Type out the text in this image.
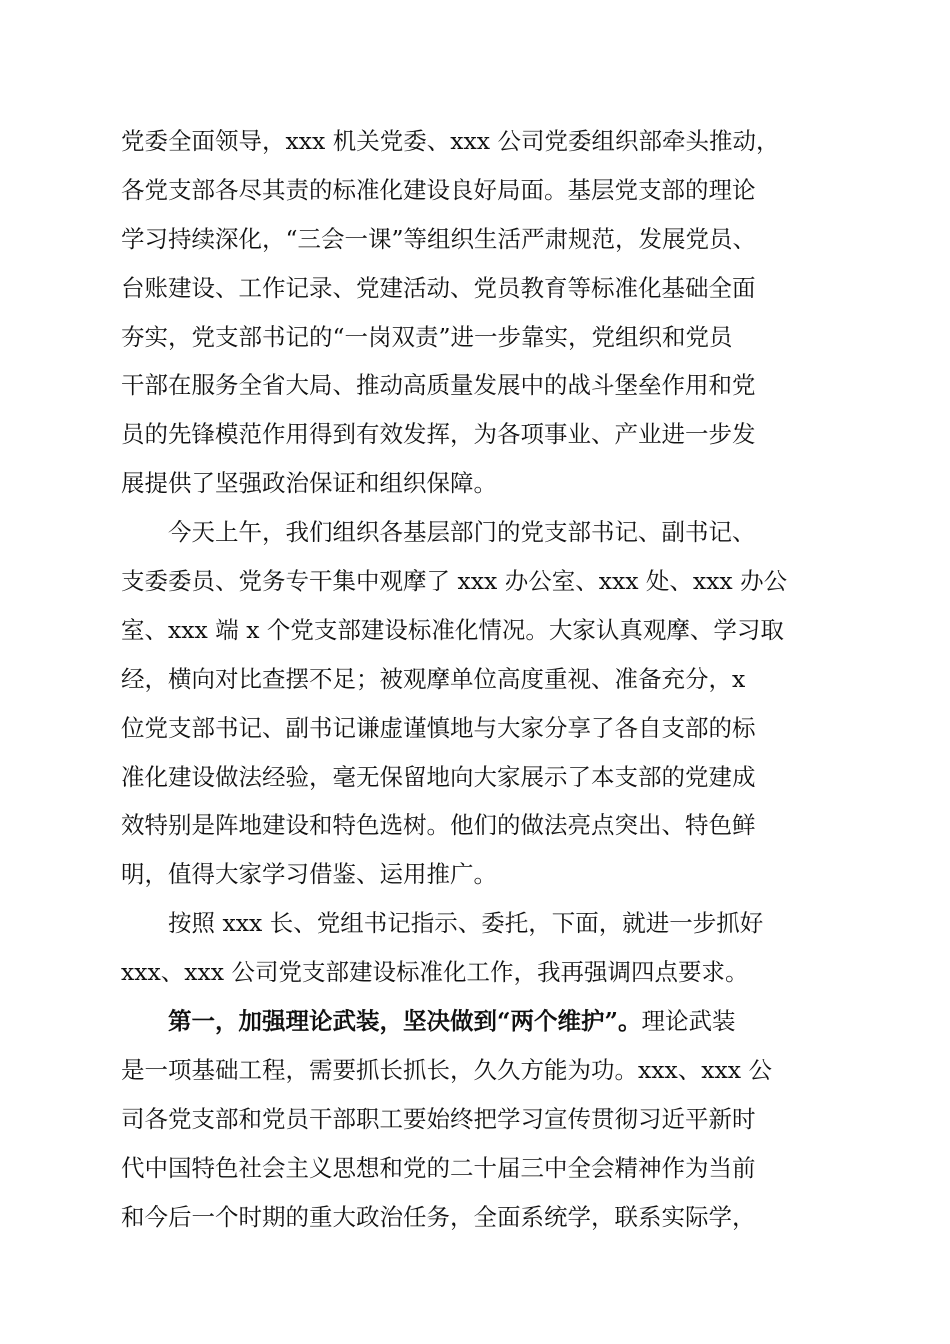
党委全面领导，xxx 机关党委、xxx 公司党委组织部牵头推动，
各党支部各尽其责的标准化建设良好局面。基层党支部的理论
学习持续深化，“三会一课”等组织生活严肃规范，发展党员、
台账建设、工作记录、党建活动、党员教育等标准化基础全面
夯实，党支部书记的“一岗双责”进一步靠实，党组织和党员
干部在服务全省大局、推动高质量发展中的战斗堡垒作用和党
员的先锋模范作用得到有效发挥，为各项事业、产业进一步发
展提供了坚强政治保证和组织保障。
今天上午，我们组织各基层部门的党支部书记、副书记、
支委委员、党务专干集中观摩了 xxx 办公室、xxx 处、xxx 办公
室、xxx 端 x 个党支部建设标准化情况。大家认真观摩、学习取
经，横向对比查摆不足；被观摩单位高度重视、准备充分，x
位党支部书记、副书记谦虚谨慎地与大家分享了各自支部的标
准化建设做法经验，毫无保留地向大家展示了本支部的党建成
效特别是阵地建设和特色选树。他们的做法亮点突出、特色鲜
明，值得大家学习借鉴、运用推广。
按照 xxx 长、党组书记指示、委托，下面，就进一步抓好
xxx、xxx 公司党支部建设标准化工作，我再强调四点要求。
第一，加强理论武装，坚决做到“两个维护”。理论武装
是一项基础工程，需要抓长抓长，久久方能为功。xxx、xxx 公
司各党支部和党员干部职工要始终把学习宣传贯彻习近平新时
代中国特色社会主义思想和党的二十届三中全会精神作为当前
和今后一个时期的重大政治任务，全面系统学，联系实际学，
